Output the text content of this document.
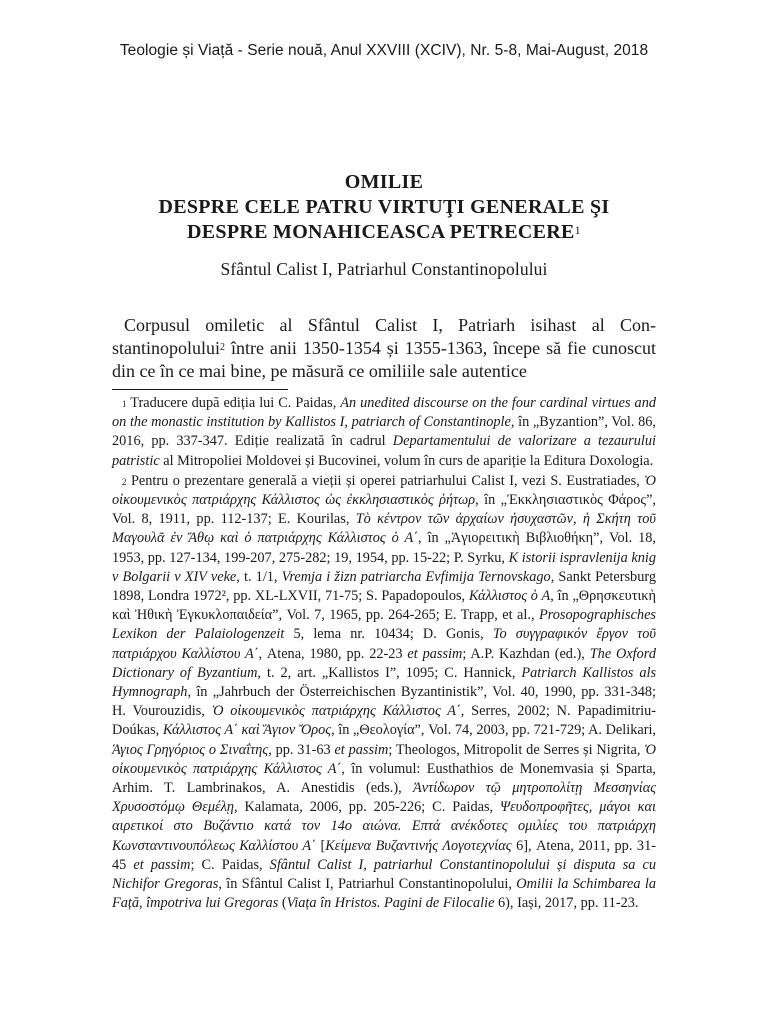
Teologie și Viață - Serie nouă, Anul XXVIII (XCIV), Nr. 5-8, Mai-August, 2018
OMILIE
DESPRE CELE PATRU VIRTUŢI GENERALE ŞI
DESPRE MONAHICEASCA PETRECERE$^1$
Sfântul Calist I, Patriarhul Constantinopolului
Corpusul omiletic al Sfântul Calist I, Patriarh isihast al Constantinopolului$^2$ între anii 1350-1354 și 1355-1363, începe să fie cunoscut din ce în ce mai bine, pe măsură ce omiliile sale autentice
$^1$ Traducere după ediția lui C. Paidas, An unedited discourse on the four cardinal virtues and on the monastic institution by Kallistos I, patriarch of Constantinople, în „Byzantion”, Vol. 86, 2016, pp. 337-347. Ediție realizată în cadrul Departamentului de valorizare a tezaurului patristic al Mitropoliei Moldovei și Bucovinei, volum în curs de apariție la Editura Doxologia.
$^2$ Pentru o prezentare generală a vieții și operei patriarhului Calist I, vezi S. Eustratiades, Ὁ οἰκουμενικὸς πατριάρχης Κάλλιστος ὡς ἐκκλησιαστικὸς ῥήτωρ, în „Ἐκκλησιαστικὸς Φάρος”, Vol. 8, 1911, pp. 112-137; E. Kourilas, Τὸ κέντρον τῶν ἀρχαίων ἡσυχαστῶν, ἡ Σκήτη τοῦ Μαγουλᾶ ἐν Ἄθῳ καὶ ὁ πατριάρχης Κάλλιστος ὁ Α΄, în „Ἁγιορειτικὴ Βιβλιοθήκη”, Vol. 18, 1953, pp. 127-134, 199-207, 275-282; 19, 1954, pp. 15-22; P. Syrku, K istorii ispravlenija knig v Bolgarii v XIV veke, t. 1/1, Vremja i žizn patriarcha Evfimija Ternovskago, Sankt Petersburg 1898, Londra 1972², pp. XL-LXVII, 71-75; S. Papadopoulos, Κάλλιστος ὁ Α, în „Θρησκευτικὴ καὶ Ἠθικὴ Ἐγκυκλοπαιδεία”, Vol. 7, 1965, pp. 264-265; E. Trapp, et al., Prosopographisches Lexikon der Palaiologenzeit 5, lema nr. 10434; D. Gonis, Το συγγραφικόν ἔργον τοῦ πατριάρχου Καλλίστου Α΄, Atena, 1980, pp. 22-23 et passim; A.P. Kazhdan (ed.), The Oxford Dictionary of Byzantium, t. 2, art. „Kallistos I”, 1095; C. Hannick, Patriarch Kallistos als Hymnograph, în „Jahrbuch der Österreichischen Byzantinistik”, Vol. 40, 1990, pp. 331-348; H. Vourouzidis, Ὁ οἰκουμενικὸς πατριάρχης Κάλλιστος Α΄, Serres, 2002; N. Papadimitriu-Doúkas, Κάλλιστος Α΄ καὶ Ἅγιον Ὄρος, în „Θεολογία”, Vol. 74, 2003, pp. 721-729; A. Delikari, Άγιος Γρηγόριος ο Σιναΐτης, pp. 31-63 et passim; Theologos, Mitropolit de Serres și Nigrita, Ὁ οἰκουμενικὸς πατριάρχης Κάλλιστος Α΄, în volumul: Eusthathios de Monemvasia și Sparta, Arhim. T. Lambrinakos, A. Anestidis (eds.), Ἀντίδωρον τῷ μητροπολίτῃ Μεσσηνίας Χρυσοστόμῳ Θεμέλῃ, Kalamata, 2006, pp. 205-226; C. Paidas, Ψευδοπροφῆτες, μάγοι και αιρετικοί στο Βυζάντιο κατά τον 14ο αιώνα. Επτά ανέκδοτες ομιλίες του πατριάρχη Κωνσταντινουπόλεως Καλλίστου Α΄ [Κείμενα Βυζαντινής Λογοτεχνίας 6], Atena, 2011, pp. 31-45 et passim; C. Paidas, Sfântul Calist I, patriarhul Constantinopolului și disputa sa cu Nichifor Gregoras, în Sfântul Calist I, Patriarhul Constantinopolului, Omilii la Schimbarea la Față, împotriva lui Gregoras (Viața în Hristos. Pagini de Filocalie 6), Iași, 2017, pp. 11-23.
